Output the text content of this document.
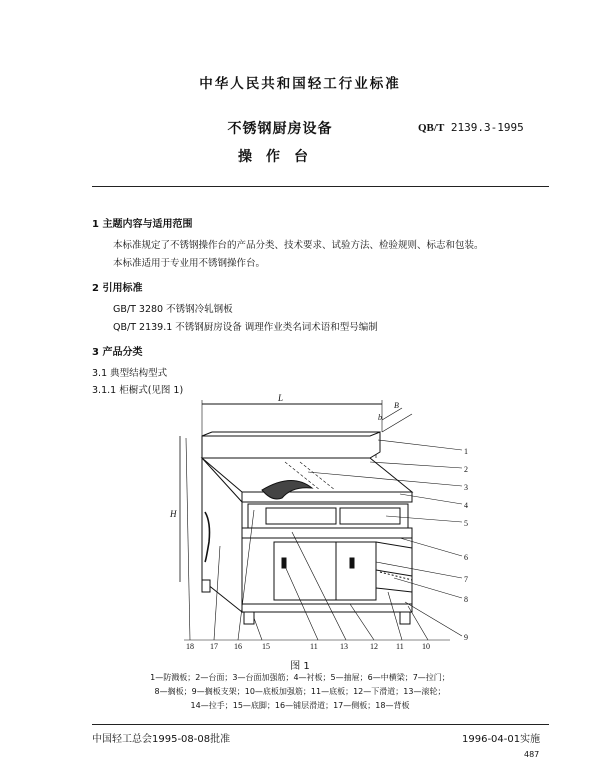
中华人民共和国轻工行业标准
不锈钢厨房设备
操作台
QB/T 2139.3-1995
1 主题内容与适用范围
本标准规定了不锈钢操作台的产品分类、技术要求、试验方法、检验规则、标志和包装。
本标准适用于专业用不锈钢操作台。
2 引用标准
GB/T 3280 不锈钢冷轧钢板
QB/T 2139.1 不锈钢厨房设备 调理作业类名词术语和型号编制
3 产品分类
3.1 典型结构型式
3.1.1 柜橱式(见图 1)
L
B
b
H
1
2
3
4
5
6
7
8
9
18 17 16	15	11	13	12 11 10
图 1
1—防溅板；2—台面；3—台面加强筋；4—衬板；5—抽屉；6—中横梁；7—拉门；
8—搁板；9—搁板支架；10—底板加强筋；11—底板；12—下滑道；13—滚轮；
14—拉手；15—底脚；16—铺层滑道；17—侧板；18—背板
中国轻工总会1995-08-08批准	1996-04-01实施
487
